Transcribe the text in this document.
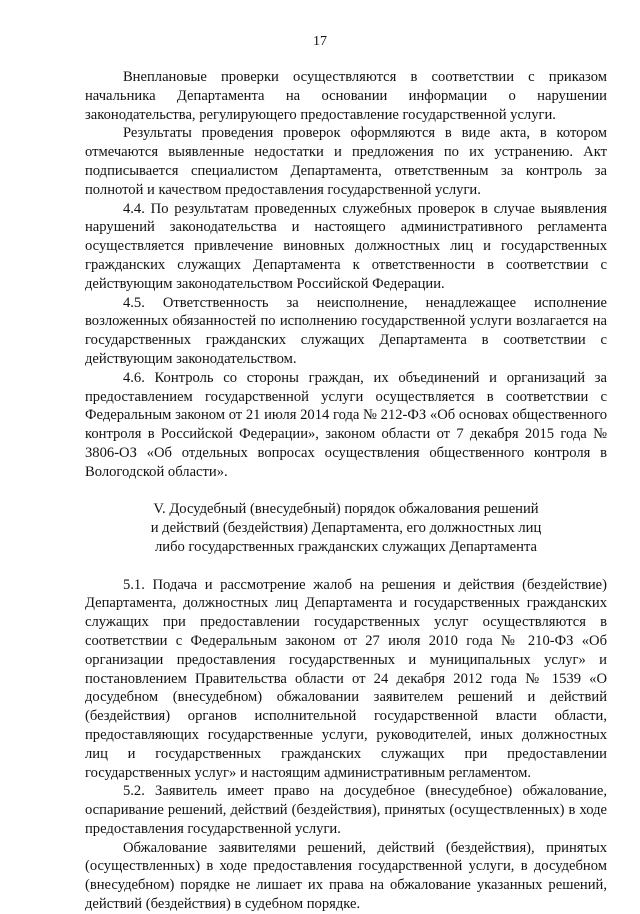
17

Внеплановые проверки осуществляются в соответствии с приказом начальника Департамента на основании информации о нарушении законодательства, регулирующего предоставление государственной услуги.

Результаты проведения проверок оформляются в виде акта, в котором отмечаются выявленные недостатки и предложения по их устранению. Акт подписывается специалистом Департамента, ответственным за контроль за полнотой и качеством предоставления государственной услуги.

4.4. По результатам проведенных служебных проверок в случае выявления нарушений законодательства и настоящего административного регламента осуществляется привлечение виновных должностных лиц и государственных гражданских служащих Департамента к ответственности в соответствии с действующим законодательством Российской Федерации.

4.5. Ответственность за неисполнение, ненадлежащее исполнение возложенных обязанностей по исполнению государственной услуги возлагается на государственных гражданских служащих Департамента в соответствии с действующим законодательством.

4.6. Контроль со стороны граждан, их объединений и организаций за предоставлением государственной услуги осуществляется в соответствии с Федеральным законом от 21 июля 2014 года № 212-ФЗ «Об основах общественного контроля в Российской Федерации», законом области от 7 декабря 2015 года № 3806-ОЗ «Об отдельных вопросах осуществления общественного контроля в Вологодской области».

V. Досудебный (внесудебный) порядок обжалования решений
и действий (бездействия) Департамента, его должностных лиц
либо государственных гражданских служащих Департамента

5.1. Подача и рассмотрение жалоб на решения и действия (бездействие) Департамента, должностных лиц Департамента и государственных гражданских служащих при предоставлении государственных услуг осуществляются в соответствии с Федеральным законом от 27 июля 2010 года № 210-ФЗ «Об организации предоставления государственных и муниципальных услуг» и постановлением Правительства области от 24 декабря 2012 года № 1539 «О досудебном (внесудебном) обжаловании заявителем решений и действий (бездействия) органов исполнительной государственной власти области, предоставляющих государственные услуги, руководителей, иных должностных лиц и государственных гражданских служащих при предоставлении государственных услуг» и настоящим административным регламентом.

5.2. Заявитель имеет право на досудебное (внесудебное) обжалование, оспаривание решений, действий (бездействия), принятых (осуществленных) в ходе предоставления государственной услуги.

Обжалование заявителями решений, действий (бездействия), принятых (осуществленных) в ходе предоставления государственной услуги, в досудебном (внесудебном) порядке не лишает их права на обжалование указанных решений, действий (бездействия) в судебном порядке.
